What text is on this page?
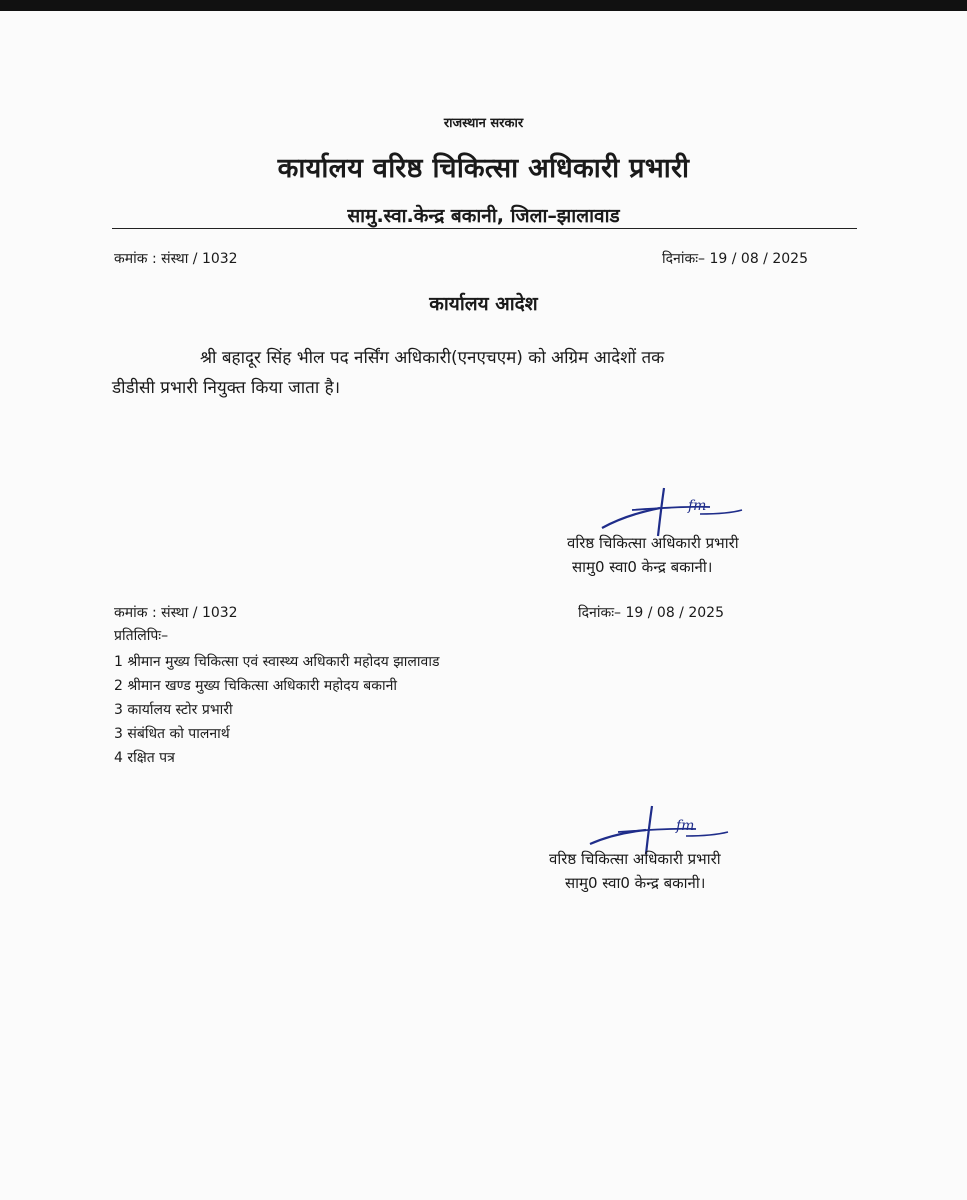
राजस्थान सरकार
कार्यालय वरिष्ठ चिकित्सा अधिकारी प्रभारी
सामु.स्वा.केन्द्र बकानी, जिला–झालावाड
कमांक : संस्था / 1032	दिनांकः– 19 / 08 / 2025
कार्यालय आदेश
श्री बहादूर सिंह भील पद नर्सिंग अधिकारी(एनएचएम) को अग्रिम आदेशों तक
डीडीसी प्रभारी नियुक्त किया जाता है।
fm
वरिष्ठ चिकित्सा अधिकारी प्रभारी
सामु0 स्वा0 केन्द्र बकानी।
कमांक : संस्था / 1032	दिनांकः– 19 / 08 / 2025
प्रतिलिपिः–
1 श्रीमान मुख्य चिकित्सा एवं स्वास्थ्य अधिकारी महोदय झालावाड
2 श्रीमान खण्ड मुख्य चिकित्सा अधिकारी महोदय बकानी
3 कार्यालय स्टोर प्रभारी
3 संबंधित को पालनार्थ
4 रक्षित पत्र
fm
वरिष्ठ चिकित्सा अधिकारी प्रभारी
सामु0 स्वा0 केन्द्र बकानी।
